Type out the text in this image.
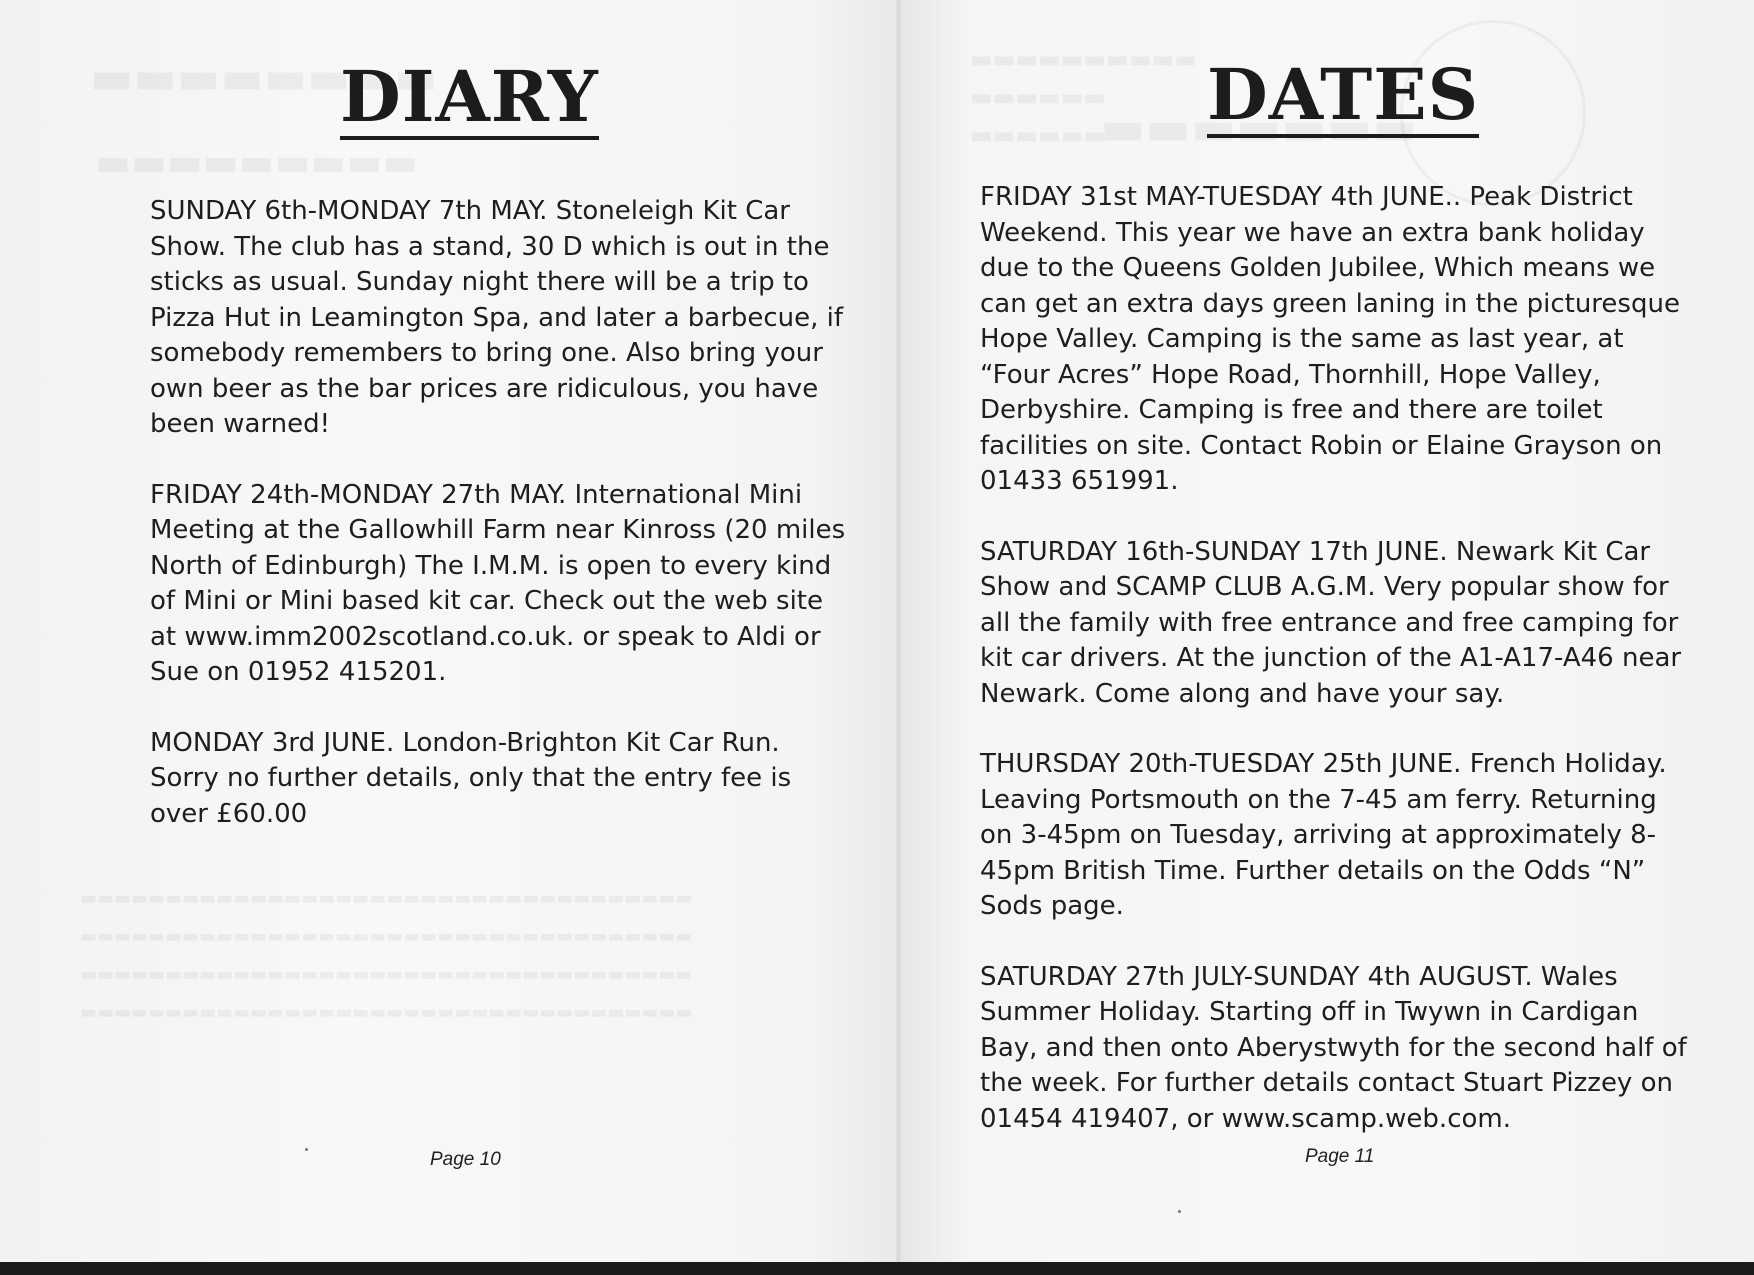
DIARY
SUNDAY 6th-MONDAY 7th MAY. Stoneleigh Kit Car Show. The club has a stand, 30 D which is out in the sticks as usual. Sunday night there will be a trip to Pizza Hut in Leamington Spa, and later a barbecue, if somebody remembers to bring one. Also bring your own beer as the bar prices are ridiculous, you have been warned!
FRIDAY 24th-MONDAY 27th MAY. International Mini Meeting at the Gallowhill Farm near Kinross (20 miles North of Edinburgh) The I.M.M. is open to every kind of Mini or Mini based kit car. Check out the web site at www.imm2002scotland.co.uk. or speak to Aldi or Sue on 01952 415201.
MONDAY 3rd JUNE. London-Brighton Kit Car Run. Sorry no further details, only that the entry fee is over £60.00
Page 10

DATES
FRIDAY 31st MAY-TUESDAY 4th JUNE.. Peak District Weekend. This year we have an extra bank holiday due to the Queens Golden Jubilee, Which means we can get an extra days green laning in the picturesque Hope Valley. Camping is the same as last year, at “Four Acres” Hope Road, Thornhill, Hope Valley, Derbyshire. Camping is free and there are toilet facilities on site. Contact Robin or Elaine Grayson on 01433 651991.
SATURDAY 16th-SUNDAY 17th JUNE. Newark Kit Car Show and SCAMP CLUB A.G.M. Very popular show for all the family with free entrance and free camping for kit car drivers. At the junction of the A1-A17-A46 near Newark. Come along and have your say.
THURSDAY 20th-TUESDAY 25th JUNE. French Holiday. Leaving Portsmouth on the 7-45 am ferry. Returning on 3-45pm on Tuesday, arriving at approximately 8-45pm British Time. Further details on the Odds “N” Sods page.
SATURDAY 27th JULY-SUNDAY 4th AUGUST. Wales Summer Holiday. Starting off in Twywn in Cardigan Bay, and then onto Aberystwyth for the second half of the week. For further details contact Stuart Pizzey on 01454 419407, or www.scamp.web.com.
Page 11
